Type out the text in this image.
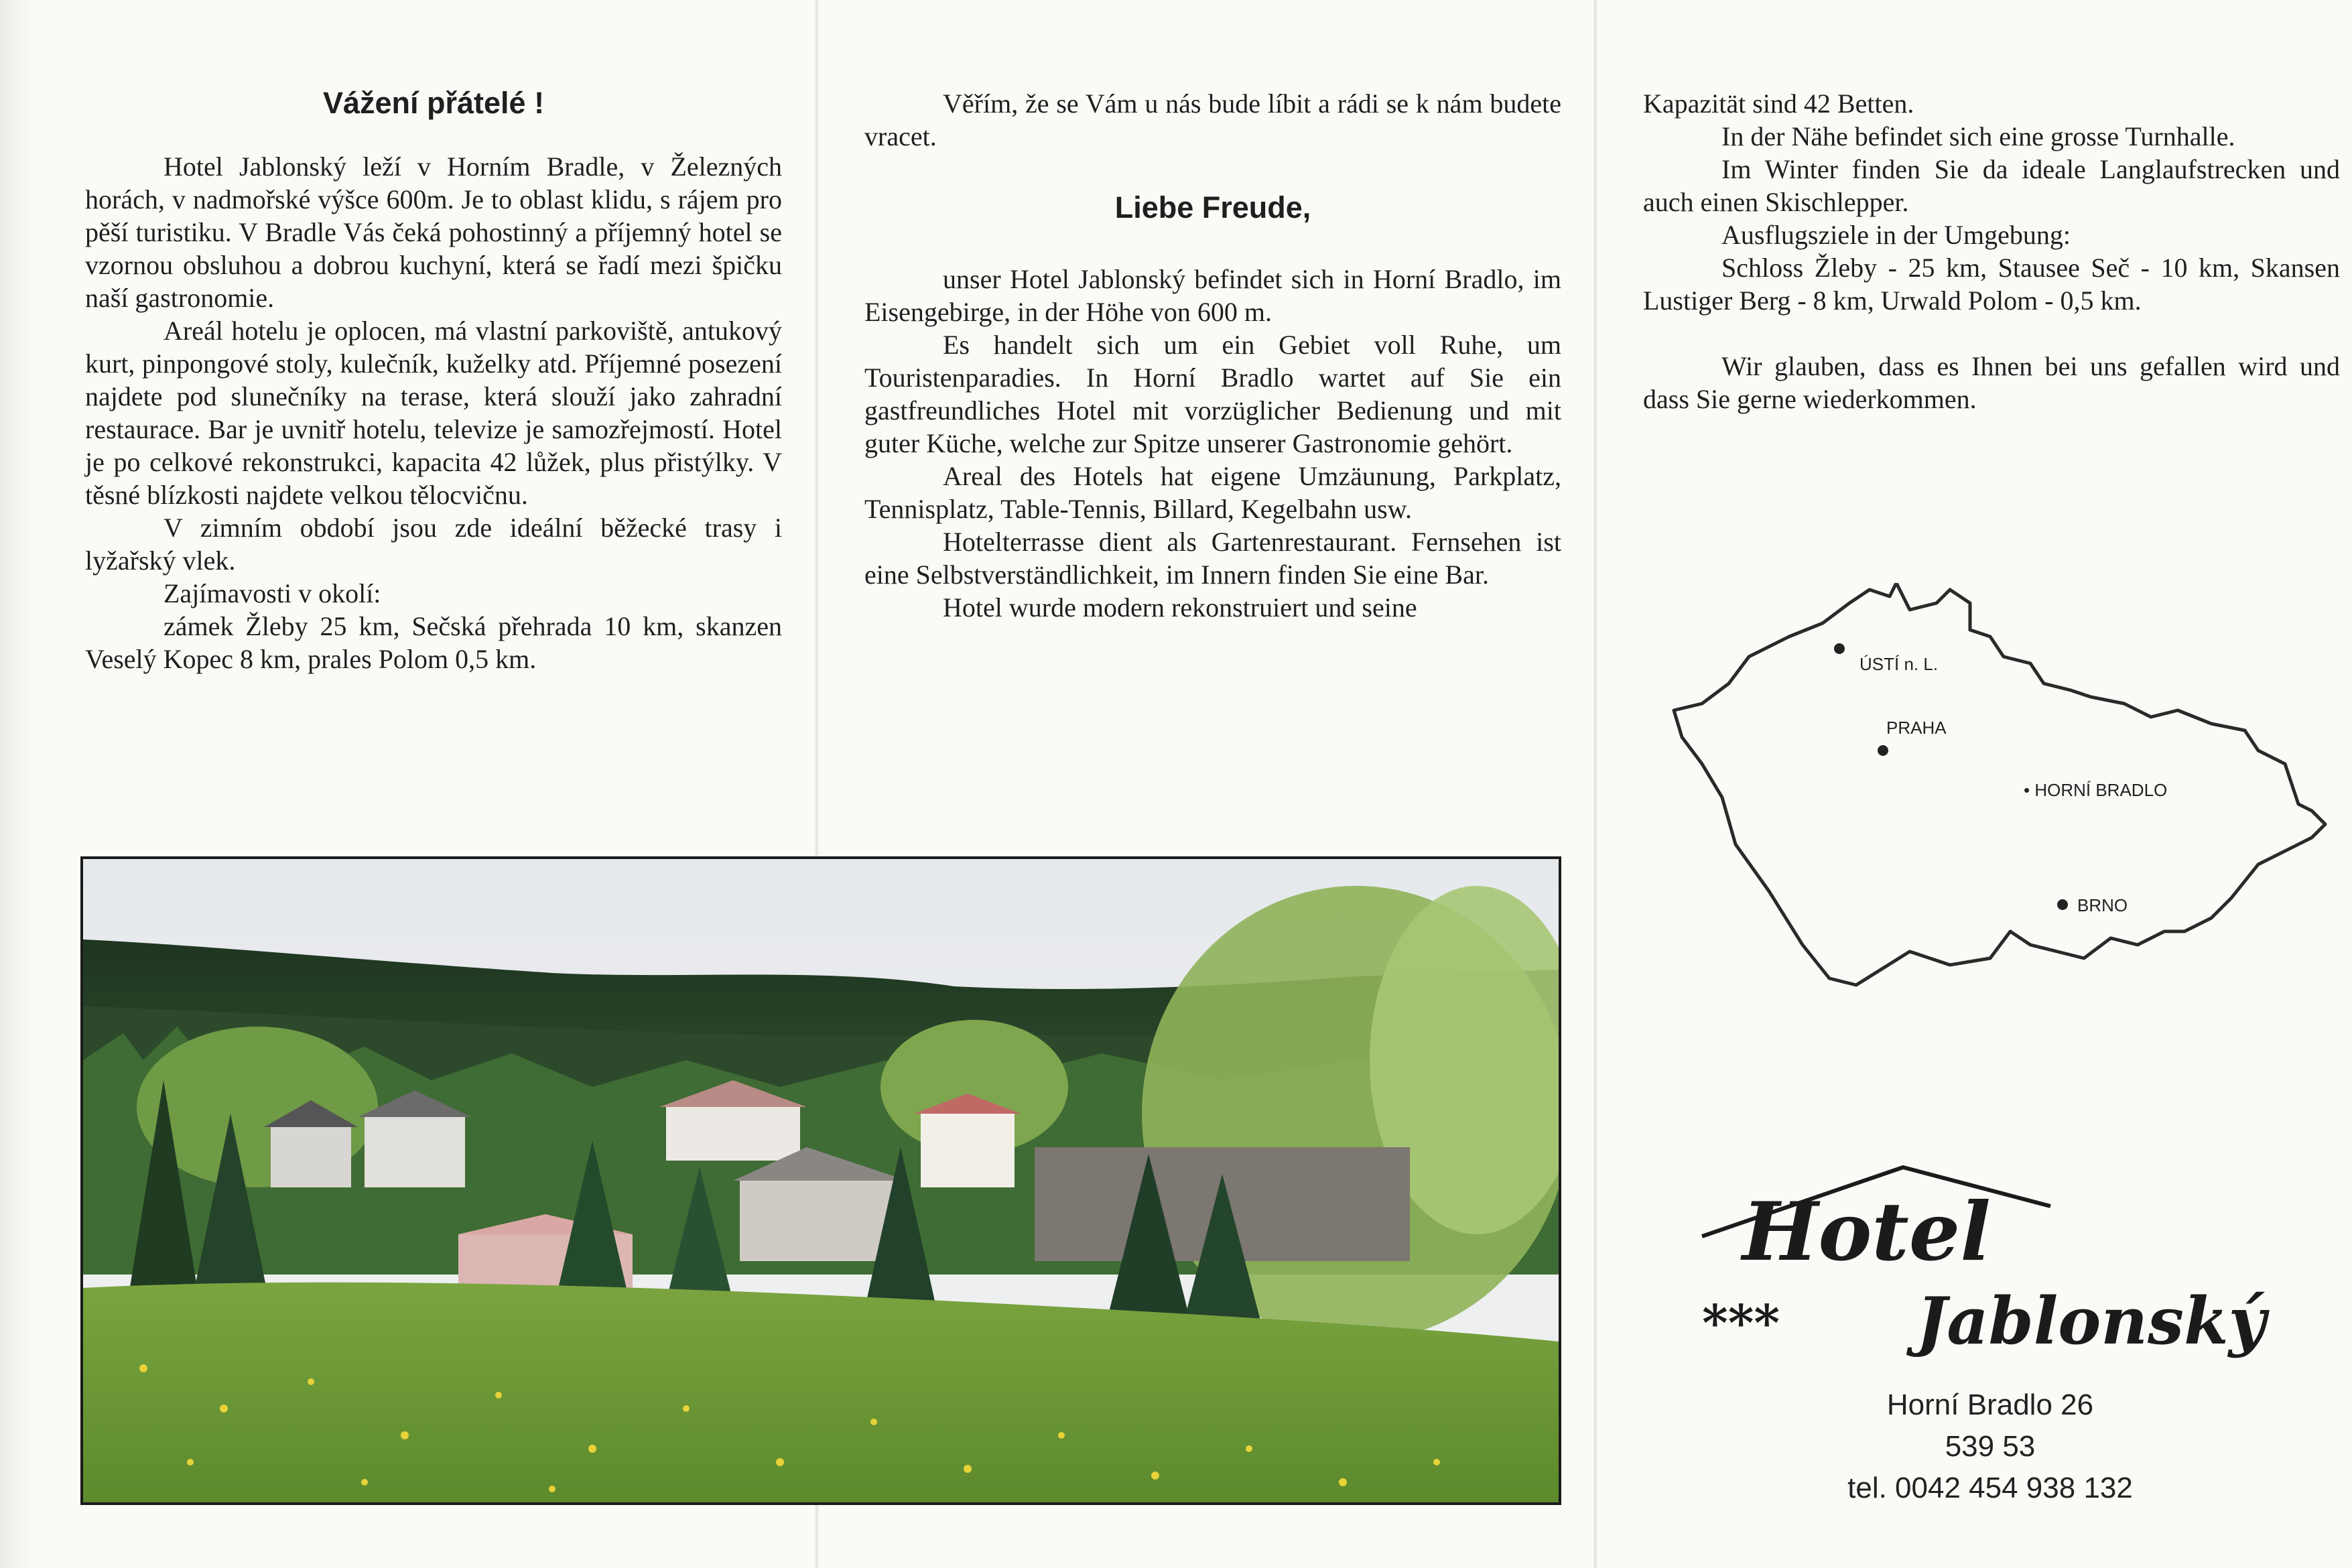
Vážení přátelé !

Hotel Jablonský leží v Horním Bradle, v Železných horách, v nadmořské výšce 600m. Je to oblast klidu, s rájem pro pěší turistiku. V Bradle Vás čeká pohostinný a příjemný hotel se vzornou obsluhou a dobrou kuchyní, která se řadí mezi špičku naší gastronomie.

Areál hotelu je oplocen, má vlastní parkoviště, antukový kurt, pinpongové stoly, kulečník, kuželky atd. Příjemné posezení najdete pod slunečníky na terase, která slouží jako zahradní restaurace. Bar je uvnitř hotelu, televize je samozřejmostí. Hotel je po celkové rekonstrukci, kapacita 42 lůžek, plus přistýlky. V těsné blízkosti najdete velkou tělocvičnu.

V zimním období jsou zde ideální běžecké trasy i lyžařský vlek.

Zajímavosti v okolí:

zámek Žleby 25 km, Sečská přehrada 10 km, skanzen Veselý Kopec 8 km, prales Polom 0,5 km.

Věřím, že se Vám u nás bude líbit a rádi se k nám budete vracet.

Liebe Freude,

unser Hotel Jablonský befindet sich in Horní Bradlo, im Eisengebirge, in der Höhe von 600 m.

Es handelt sich um ein Gebiet voll Ruhe, um Touristenparadies. In Horní Bradlo wartet auf Sie ein gastfreundliches Hotel mit vorzüglicher Bedienung und mit guter Küche, welche zur Spitze unserer Gastronomie gehört.

Areal des Hotels hat eigene Umzäunung, Parkplatz, Tennisplatz, Table-Tennis, Billard, Kegelbahn usw.

Hotelterrasse dient als Gartenrestaurant. Fernsehen ist eine Selbstverständlichkeit, im Innern finden Sie eine Bar.

Hotel wurde modern rekonstruiert und seine

Kapazität sind 42 Betten.

In der Nähe befindet sich eine grosse Turnhalle.

Im Winter finden Sie da ideale Langlaufstrecken und auch einen Skischlepper.

Ausflugsziele in der Umgebung:

Schloss Žleby - 25 km, Stausee Seč - 10 km, Skansen Lustiger Berg - 8 km, Urwald Polom - 0,5 km.

Wir glauben, dass es Ihnen bei uns gefallen wird und dass Sie gerne wiederkommen.

ÚSTÍ n. L.
PRAHA
• HORNÍ BRADLO
BRNO
Hotel
*** Jablonský
Horní Bradlo 26
539 53
tel. 0042 454 938 132
